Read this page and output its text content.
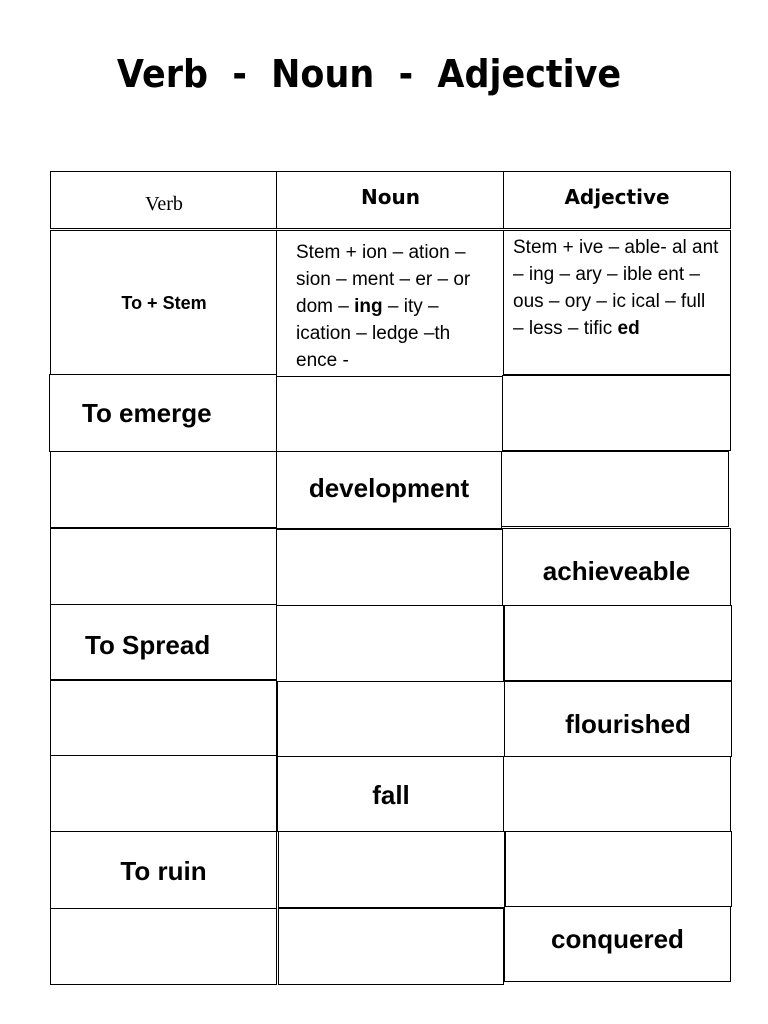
Verb  -  Noun  -  Adjective
Verb	Noun	Adjective
To + Stem
Stem + ion – ation – sion – ment – er – or dom – ing – ity – ication – ledge –th ence -
Stem + ive – able- al ant – ing – ary – ible ent – ous – ory – ic ical – full – less – tific ed
To emerge
development
achieveable
To Spread
flourished
fall
To ruin
conquered
